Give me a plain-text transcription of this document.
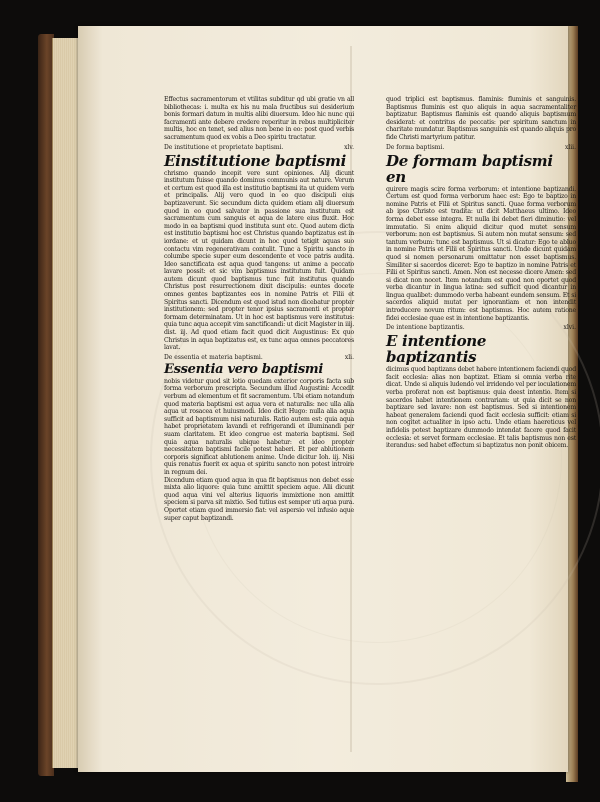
Effectus sacramentorum et vtilitas subditur qd ubi gratie vn all bibliothecas: i. multa ex his nu mala fructibus sui desiderium bonis formari datum in multis alibi diuersum. Ideo hic nunc qui facramenti ante debere credere reperitur in rebus multipliciter multis, hoc en tenet, sed alius non bene in eo: post quod verbis sacramentum quod ex vobis a Deo spiritu tractatur.

De institutione et proprietate baptismi.	xlv.
Einstitutione baptismi

chrismo quando incepit vere sunt opiniones. Alij dicunt institutum fuisse quando dominus communis aut nature. Verum et certum est quod illa est institutio baptismi ita ut quidem vera et principalis. Alij vero quod in eo quo discipuli eius baptizaverunt. Sic secundum dicta quidem etiam alij diuersum quod in eo quod salvator in passione sua institutum est sacramentum cum sanguis et aqua de latere eius fluxit. Hoc modo in ea baptismi quod instituta sunt etc. Quod autem dicta est institutio baptismi hoc est Christus quando baptizatus est in iordane: et ut quidam dicunt in hoc quod tetigit aquas suo contactu vim regenerativam contulit. Tunc a Spiritu sancto in columbe specie super eum descendente et voce patris audita. Ideo sanctificata est aqua quod tangens: ut anime a peccato lavare possit: et sic vim baptismus institutum fuit. Quidam autem dicunt quod baptismus tunc fuit institutus quando Christus post resurrectionem dixit discipulis: euntes docete omnes gentes baptizantes eos in nomine Patris et Filii et Spiritus sancti. Dicendum est quod istud non dicebatur propter institutionem: sed propter tenor ipsius sacramenti et propter formam determinatam. Ut in hoc est baptismus vere institutus: quia tunc aqua accepit vim sanctificandi: ut dicit Magister in iiij. dist. iij. Ad quod etiam facit quod dicit Augustinus: Ex quo Christus in aqua baptizatus est, ex tunc aqua omnes peccatores lavat.

De essentia et materia baptismi.	xli.
Essentia vero baptismi

nobis videtur quod sit lotio quedam exterior corporis facta sub forma verborum prescripta. Secundum illud Augustini: Accedit verbum ad elementum et fit sacramentum. Ubi etiam notandum quod materia baptismi est aqua vera et naturalis: nec ulla alia aqua ut rosacea et huiusmodi. Ideo dicit Hugo: nulla alia aqua sufficit ad baptismum nisi naturalis. Ratio autem est: quia aqua habet proprietatem lavandi et refrigerandi et illuminandi per suam claritatem. Et ideo congrue est materia baptismi. Sed quia aqua naturalis ubique habetur: et ideo propter necessitatem baptismi facile potest haberi. Et per ablutionem corporis significat ablutionem anime. Unde dicitur Ioh. iij. Nisi quis renatus fuerit ex aqua et spiritu sancto non potest introire in regnum dei.

Dicendum etiam quod aqua in qua fit baptismus non debet esse mixta alio liquore: quia tunc amittit speciem aque. Alii dicunt quod aqua vini vel alterius liquoris immixtione non amittit speciem si parva sit mixtio. Sed tutius est semper uti aqua pura. Oportet etiam quod immersio fiat: vel aspersio vel infusio aque super caput baptizandi.

quod triplici est baptismus. flaminis: fluminis et sanguinis. Baptismus fluminis est quo aliquis in aqua sacramentaliter baptizatur. Baptismus flaminis est quando aliquis baptismum desiderat: et contritus de peccatis: per spiritum sanctum in charitate mundatur. Baptismus sanguinis est quando aliquis pro fide Christi martyrium patitur.

De forma baptismi.	xlii.
De formam baptismi en

quirere magis scire forma verborum: et intentione baptizandi. Certum est quod forma verborum haec est: Ego te baptizo in nomine Patris et Filii et Spiritus sancti. Quae forma verborum ab ipso Christo est tradita: ut dicit Matthaeus ultimo. Ideo forma debet esse integra. Et nulla ibi debet fieri diminutio: vel immutatio. Si enim aliquid dicitur quod mutet sensum verborum: non est baptismus. Si autem non mutat sensum: sed tantum verbum: tunc est baptismus. Ut si dicatur: Ego te abluo in nomine Patris et Filii et Spiritus sancti. Unde dicunt quidam quod si nomen personarum omittatur non esset baptismus. Similiter si sacerdos diceret: Ego te baptizo in nomine Patris et Filii et Spiritus sancti. Amen. Non est necesse dicere Amen: sed si dicat non nocet. Item notandum est quod non oportet quod verba dicantur in lingua latina: sed sufficit quod dicantur in lingua qualibet: dummodo verba habeant eundem sensum. Et si sacerdos aliquid mutat per ignorantiam et non intendit introducere novum ritum: est baptismus. Hoc autem ratione fidei ecclesiae quae est in intentione baptizantis.

De intentione baptizantis.	xlvi.
E intentione baptizantis

dicimus quod baptizans debet habere intentionem faciendi quod facit ecclesia: alias non baptizat. Etiam si omnia verba rite dicat. Unde si aliquis ludendo vel irridendo vel per ioculationem verba proferat non est baptismus: quia deest intentio. Item si sacerdos habet intentionem contrariam: ut quia dicit se non baptizare sed lavare: non est baptismus. Sed si intentionem habeat generalem faciendi quod facit ecclesia sufficit: etiam si non cogitet actualiter in ipso actu. Unde etiam haereticus vel infidelis potest baptizare dummodo intendat facere quod facit ecclesia: et servet formam ecclesiae. Et talis baptismus non est iterandus: sed habet effectum si baptizatus non ponit obicem.
